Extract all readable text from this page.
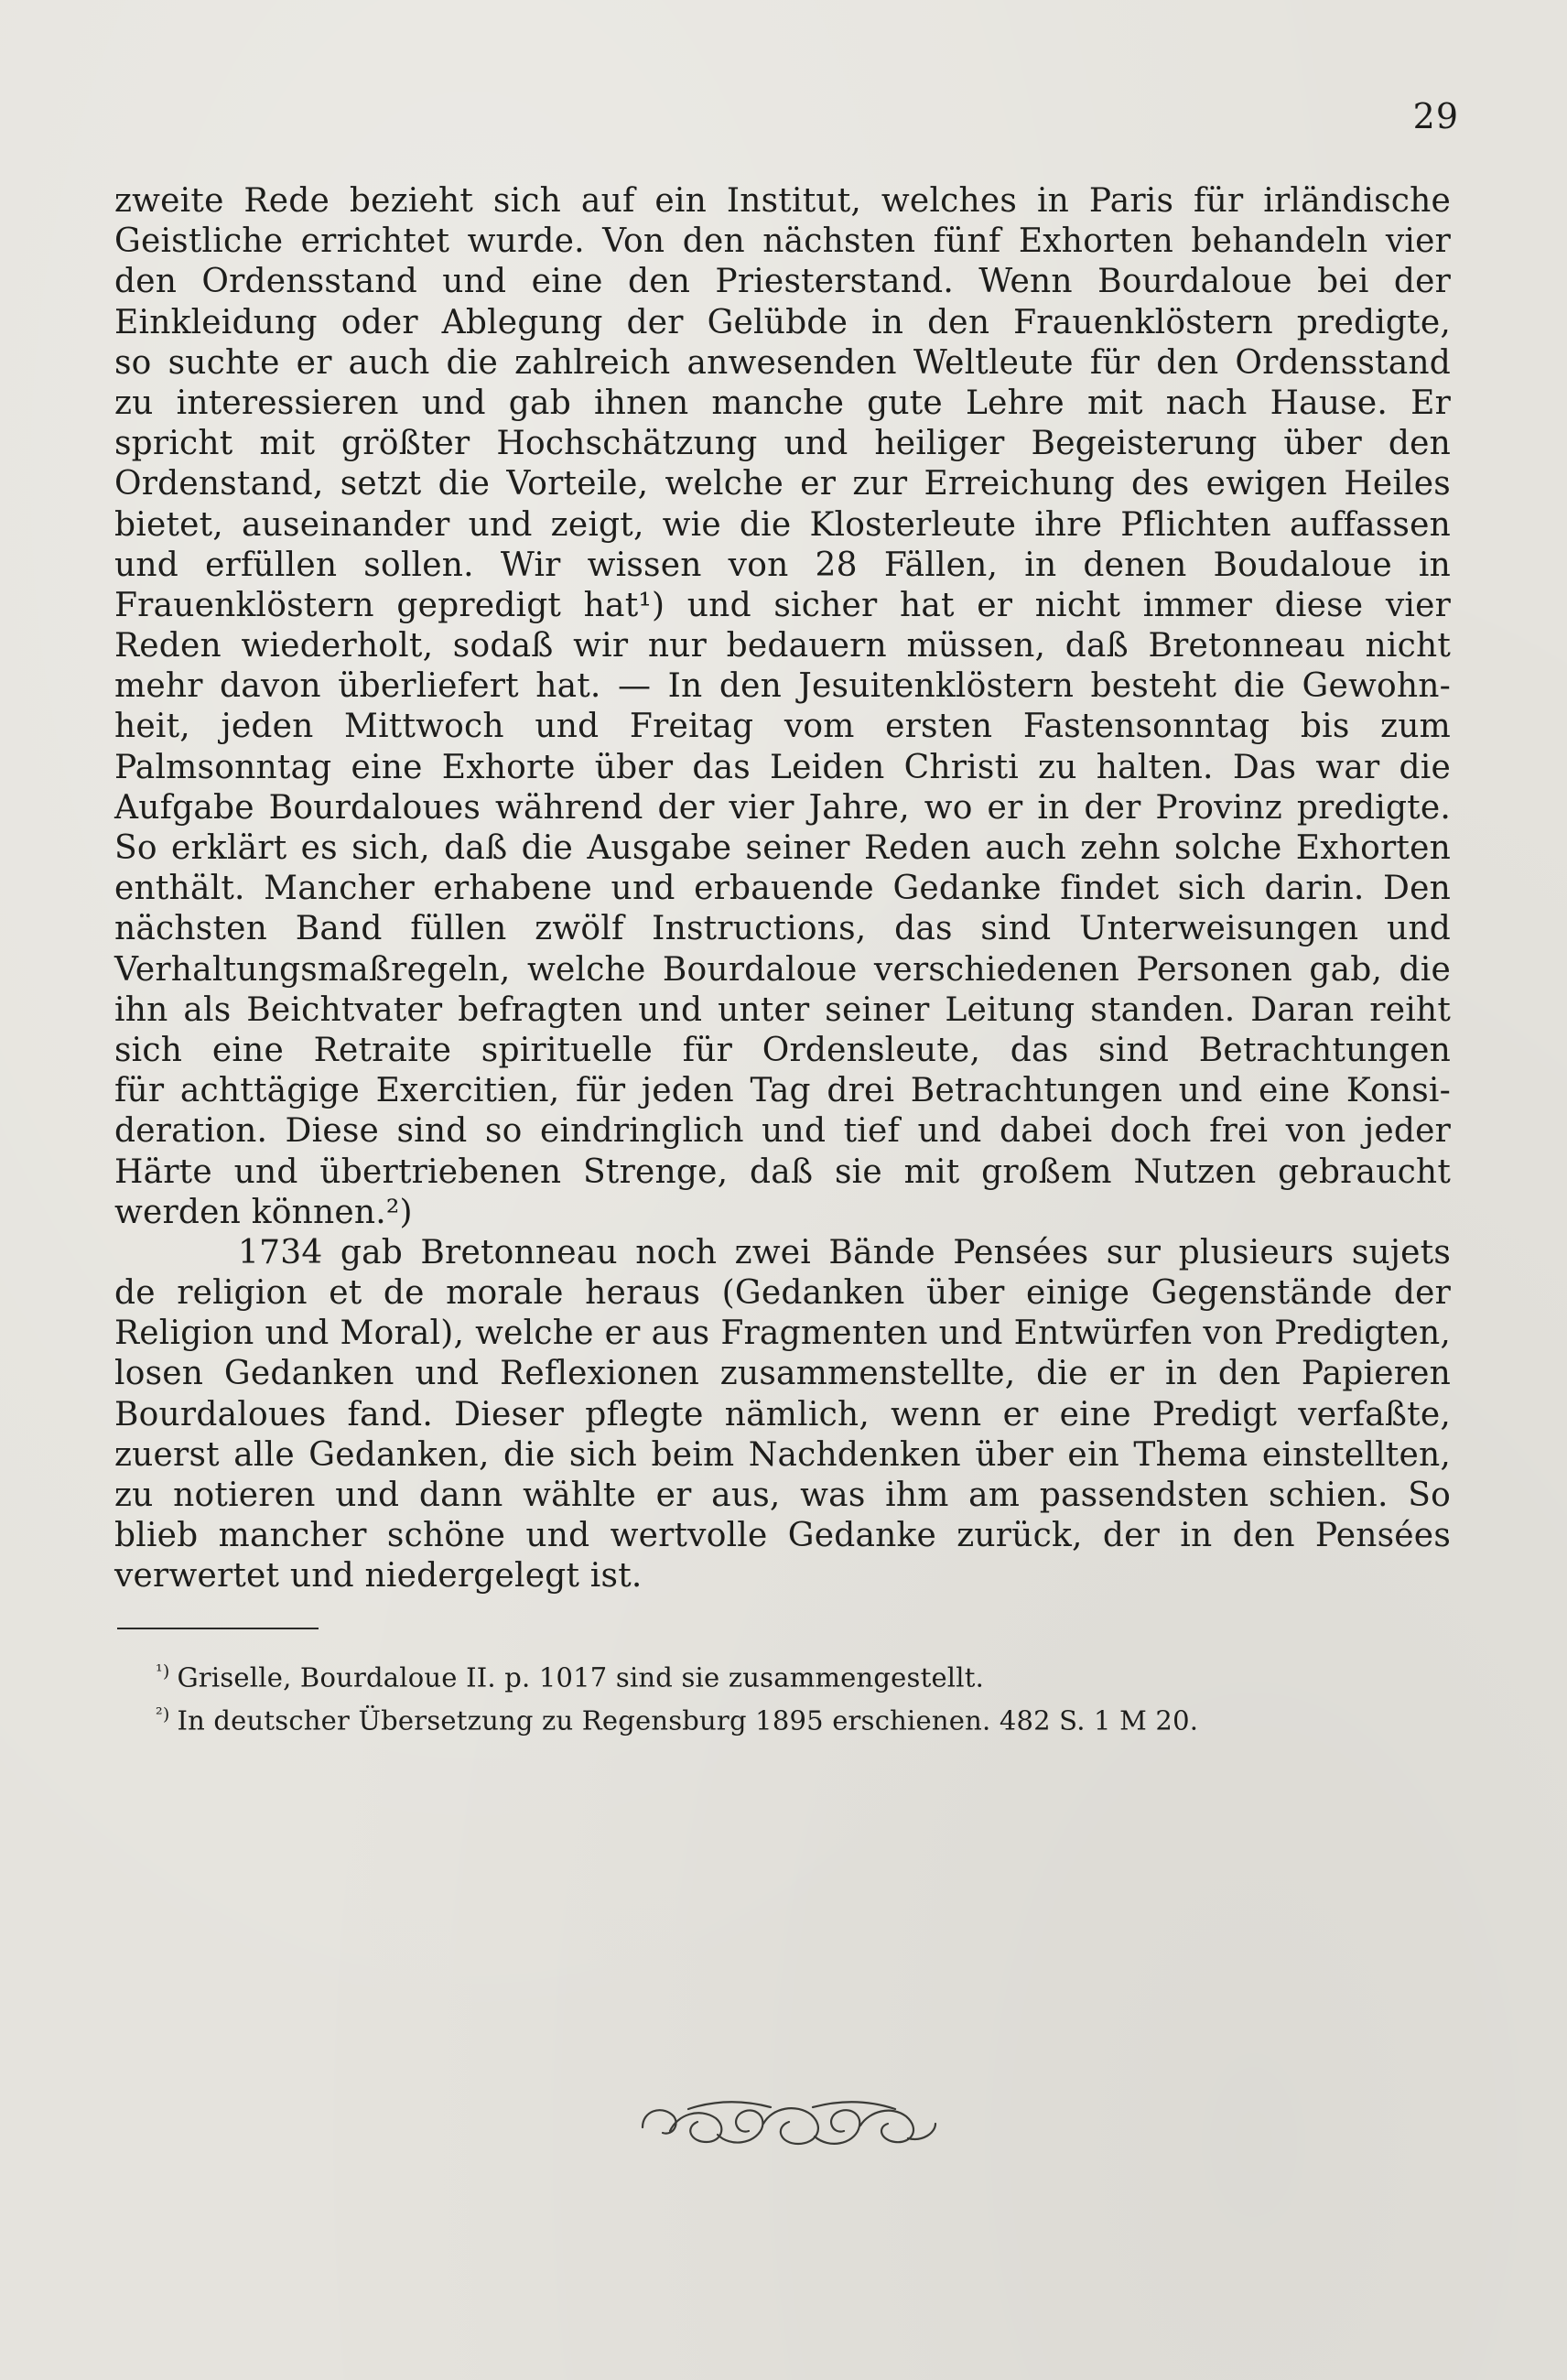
29
zweite Rede bezieht sich auf ein Institut, welches in Paris für irländische
Geistliche errichtet wurde. Von den nächsten fünf Exhorten behandeln vier
den Ordensstand und eine den Priesterstand. Wenn Bourdaloue bei der
Einkleidung oder Ablegung der Gelübde in den Frauenklöstern predigte,
so suchte er auch die zahlreich anwesenden Weltleute für den Ordensstand
zu interessieren und gab ihnen manche gute Lehre mit nach Hause. Er
spricht mit größter Hochschätzung und heiliger Begeisterung über den
Ordenstand, setzt die Vorteile, welche er zur Erreichung des ewigen Heiles
bietet, auseinander und zeigt, wie die Klosterleute ihre Pflichten auffassen
und erfüllen sollen. Wir wissen von 28 Fällen, in denen Boudaloue in
Frauenklöstern gepredigt hat¹) und sicher hat er nicht immer diese vier
Reden wiederholt, sodaß wir nur bedauern müssen, daß Bretonneau nicht
mehr davon überliefert hat. — In den Jesuitenklöstern besteht die Gewohn-
heit, jeden Mittwoch und Freitag vom ersten Fastensonntag bis zum
Palmsonntag eine Exhorte über das Leiden Christi zu halten. Das war die
Aufgabe Bourdaloues während der vier Jahre, wo er in der Provinz predigte.
So erklärt es sich, daß die Ausgabe seiner Reden auch zehn solche Exhorten
enthält. Mancher erhabene und erbauende Gedanke findet sich darin. Den
nächsten Band füllen zwölf Instructions, das sind Unterweisungen und
Verhaltungsmaßregeln, welche Bourdaloue verschiedenen Personen gab, die
ihn als Beichtvater befragten und unter seiner Leitung standen. Daran reiht
sich eine Retraite spirituelle für Ordensleute, das sind Betrachtungen
für achttägige Exercitien, für jeden Tag drei Betrachtungen und eine Konsi-
deration. Diese sind so eindringlich und tief und dabei doch frei von jeder
Härte und übertriebenen Strenge, daß sie mit großem Nutzen gebraucht
werden können.²)
1734 gab Bretonneau noch zwei Bände Pensées sur plusieurs sujets
de religion et de morale heraus (Gedanken über einige Gegenstände der
Religion und Moral), welche er aus Fragmenten und Entwürfen von Predigten,
losen Gedanken und Reflexionen zusammenstellte, die er in den Papieren
Bourdaloues fand. Dieser pflegte nämlich, wenn er eine Predigt verfaßte,
zuerst alle Gedanken, die sich beim Nachdenken über ein Thema einstellten,
zu notieren und dann wählte er aus, was ihm am passendsten schien. So
blieb mancher schöne und wertvolle Gedanke zurück, der in den Pensées
verwertet und niedergelegt ist.
$^{^1)}$ Griselle, Bourdaloue II. p. 1017 sind sie zusammengestellt.
$^{^2)}$ In deutscher Übersetzung zu Regensburg 1895 erschienen. 482 S. 1 M 20.
